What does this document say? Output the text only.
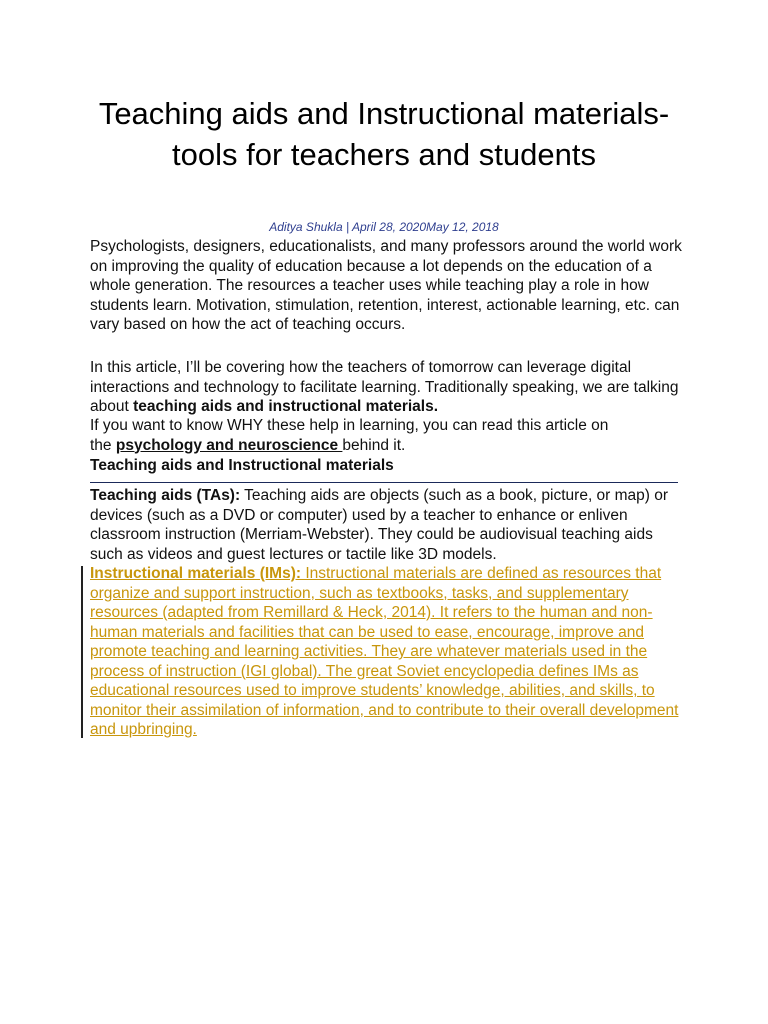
Teaching aids and Instructional materials- tools for teachers and students
Aditya Shukla | April 28, 2020May 12, 2018

Psychologists, designers, educationalists, and many professors around the world work on improving the quality of education because a lot depends on the education of a whole generation. The resources a teacher uses while teaching play a role in how students learn. Motivation, stimulation, retention, interest, actionable learning, etc. can vary based on how the act of teaching occurs.

In this article, I’ll be covering how the teachers of tomorrow can leverage digital interactions and technology to facilitate learning. Traditionally speaking, we are talking about teaching aids and instructional materials.

If you want to know WHY these help in learning, you can read this article on
the psychology and neuroscience behind it.

Teaching aids and Instructional materials

Teaching aids (TAs): Teaching aids are objects (such as a book, picture, or map) or devices (such as a DVD or computer) used by a teacher to enhance or enliven classroom instruction (Merriam-Webster). They could be audiovisual teaching aids such as videos and guest lectures or tactile like 3D models.

Instructional materials (IMs): Instructional materials are defined as resources that organize and support instruction, such as textbooks, tasks, and supplementary resources (adapted from Remillard & Heck, 2014). It refers to the human and non-human materials and facilities that can be used to ease, encourage, improve and promote teaching and learning activities. They are whatever materials used in the process of instruction (IGI global). The great Soviet encyclopedia defines IMs as educational resources used to improve students’ knowledge, abilities, and skills, to monitor their assimilation of information, and to contribute to their overall development and upbringing.
